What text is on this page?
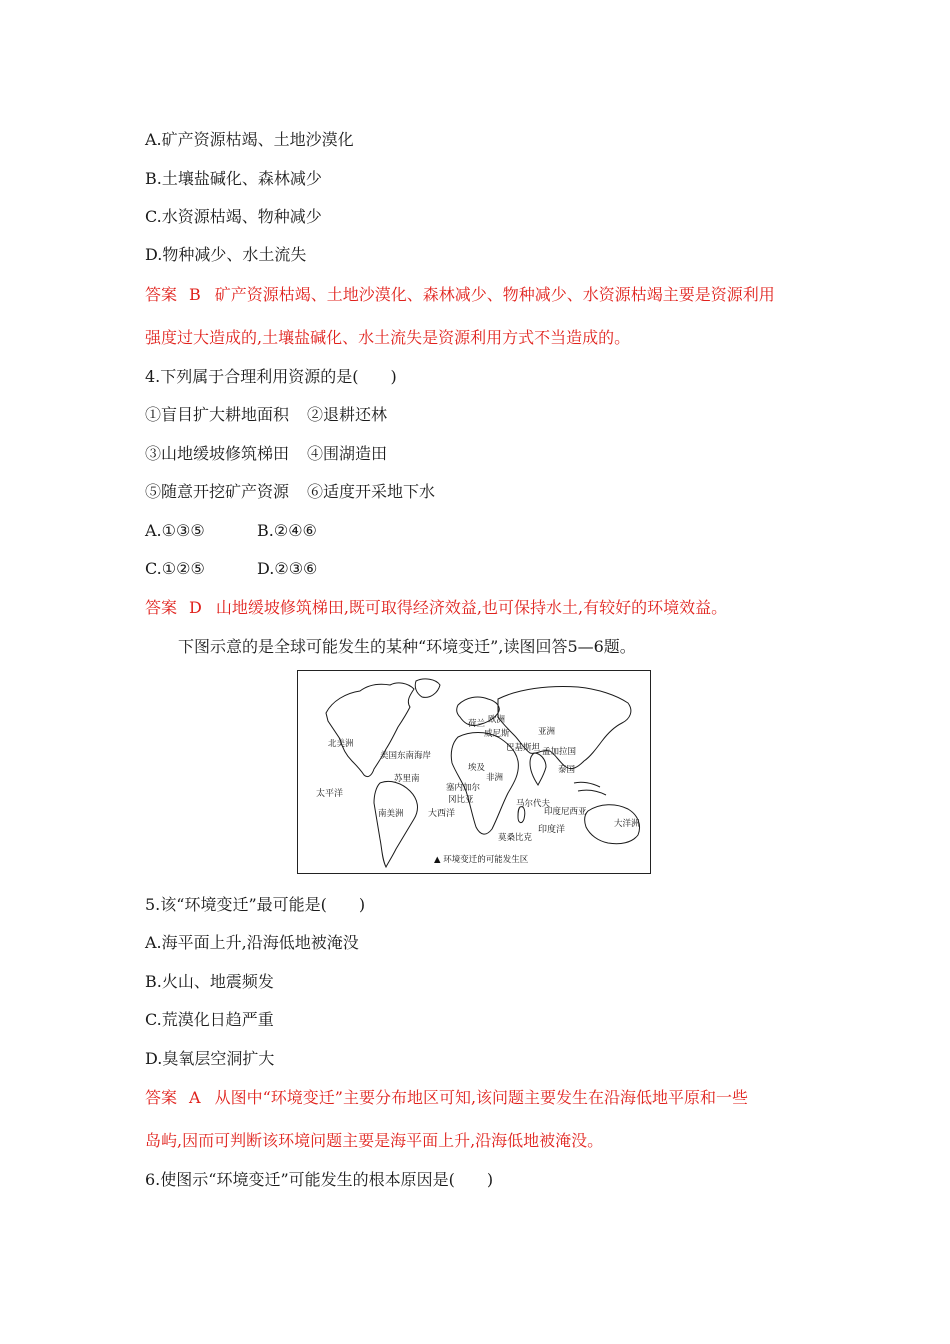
A.矿产资源枯竭、土地沙漠化
B.土壤盐碱化、森林减少
C.水资源枯竭、物种减少
D.物种减少、水土流失
答案 B 矿产资源枯竭、土地沙漠化、森林减少、物种减少、水资源枯竭主要是资源利用
强度过大造成的,土壤盐碱化、水土流失是资源利用方式不当造成的。
4.下列属于合理利用资源的是(　　)
①盲目扩大耕地面积 ②退耕还林
③山地缓坡修筑梯田 ④围湖造田
⑤随意开挖矿产资源 ⑥适度开采地下水
A.①③⑤	B.②④⑥
C.①②⑤	D.②③⑥
答案 D 山地缓坡修筑梯田,既可取得经济效益,也可保持水土,有较好的环境效益。
下图示意的是全球可能发生的某种“环境变迁”,读图回答5—6题。
北美洲
南美洲
欧洲
亚洲
非洲
大洋洲
太平洋
大西洋
印度洋
美国东南海岸
苏里南
荷兰
威尼斯
埃及
塞内加尔
冈比亚
巴基斯坦 孟加拉国
泰国
马尔代夫
印度尼西亚
莫桑比克
▲ 环境变迁的可能发生区
5.该“环境变迁”最可能是(　　)
A.海平面上升,沿海低地被淹没
B.火山、地震频发
C.荒漠化日趋严重
D.臭氧层空洞扩大
答案 A 从图中“环境变迁”主要分布地区可知,该问题主要发生在沿海低地平原和一些
岛屿,因而可判断该环境问题主要是海平面上升,沿海低地被淹没。
6.使图示“环境变迁”可能发生的根本原因是(　　)
